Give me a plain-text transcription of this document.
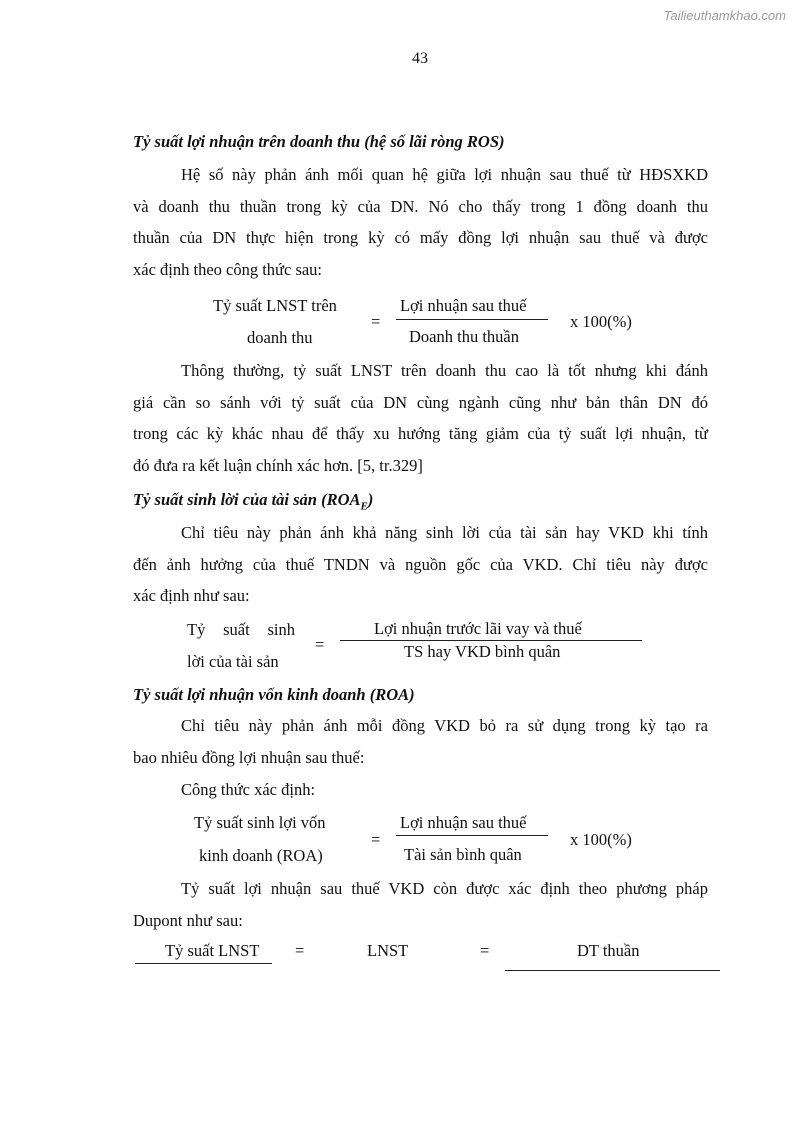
Tailieuthamkhao.com
43
Tỷ suất lợi nhuận trên doanh thu (hệ số lãi ròng ROS)
Hệ số này phản ánh mối quan hệ giữa lợi nhuận sau thuế từ HĐSXKD
và doanh thu thuần trong kỳ của DN. Nó cho thấy trong 1 đồng doanh thu
thuần của DN thực hiện trong kỳ có mấy đồng lợi nhuận sau thuế và được
xác định theo công thức sau:
Tỷ suất LNST trên
doanh thu
=
Lợi nhuận sau thuế
Doanh thu thuần
x 100(%)
Thông thường, tỷ suất LNST trên doanh thu cao là tốt nhưng khi đánh
giá cần so sánh với tỷ suất của DN cùng ngành cũng như bản thân DN đó
trong các kỳ khác nhau để thấy xu hướng tăng giảm của tỷ suất lợi nhuận, từ
đó đưa ra kết luận chính xác hơn. [5, tr.329]
Tỷ suất sinh lời của tài sản $(ROA_E)$
Chỉ tiêu này phản ánh khả năng sinh lời của tài sản hay VKD khi tính
đến ảnh hưởng của thuế TNDN và nguồn gốc của VKD. Chỉ tiêu này được
xác định như sau:
Tỷ suất sinh
lời của tài sản
=
Lợi nhuận trước lãi vay và thuế
TS hay VKD bình quân
Tỷ suất lợi nhuận vốn kinh doanh (ROA)
Chỉ tiêu này phản ánh mỗi đồng VKD bỏ ra sử dụng trong kỳ tạo ra
bao nhiêu đồng lợi nhuận sau thuế:
Công thức xác định:
Tỷ suất sinh lợi vốn
kinh doanh (ROA)
=
Lợi nhuận sau thuế
Tài sản bình quân
x 100(%)
Tỷ suất lợi nhuận sau thuế VKD còn được xác định theo phương pháp
Dupont như sau:
Tỷ suất LNST =	LNST	=	DT thuần
